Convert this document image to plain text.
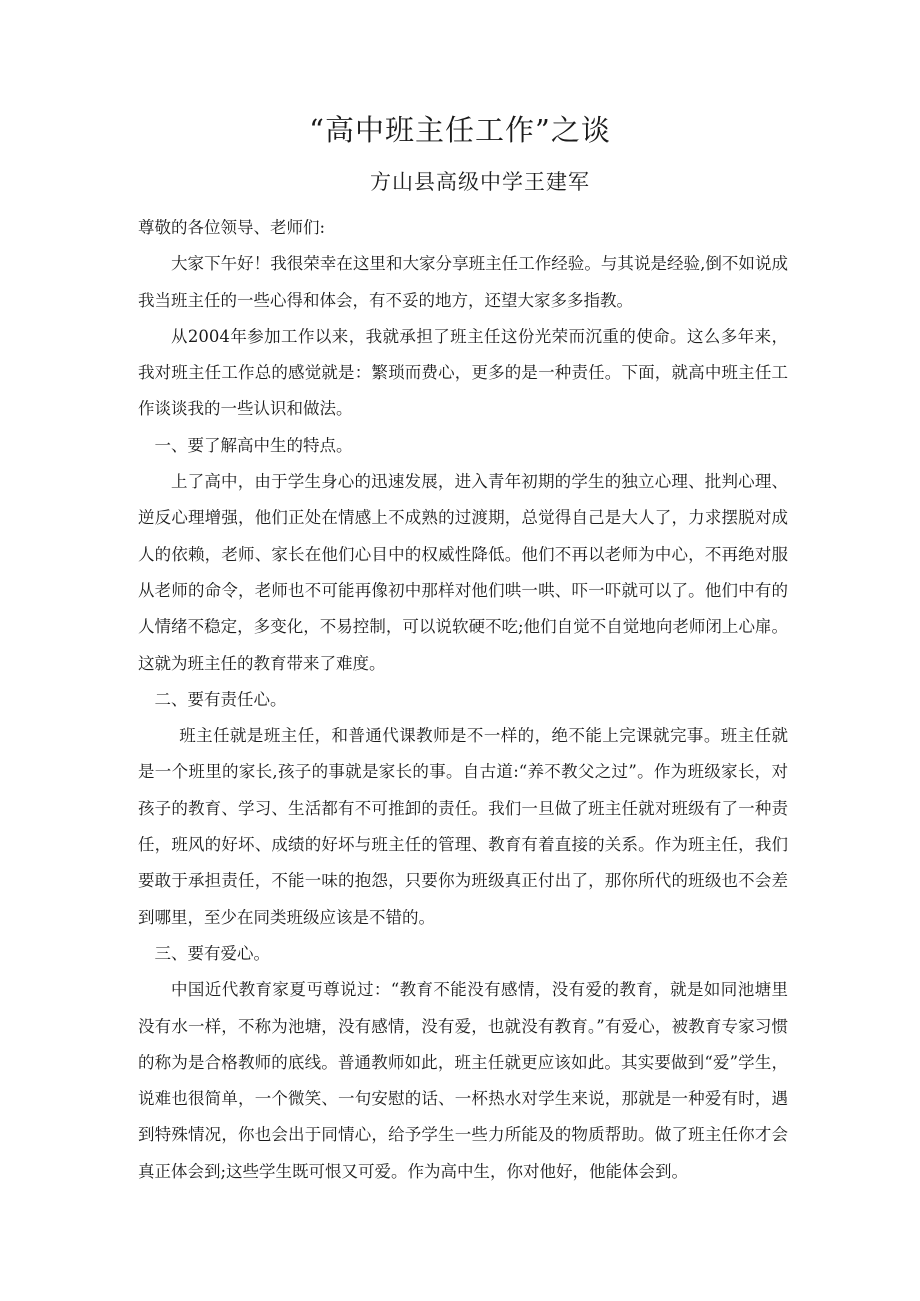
“高中班主任工作”之谈
方山县高级中学王建军

尊敬的各位领导、老师们:

大家下午好！我很荣幸在这里和大家分享班主任工作经验。与其说是经验,倒不如说成我当班主任的一些心得和体会，有不妥的地方，还望大家多多指教。

从2004年参加工作以来，我就承担了班主任这份光荣而沉重的使命。这么多年来，我对班主任工作总的感觉就是：繁琐而费心，更多的是一种责任。下面，就高中班主任工作谈谈我的一些认识和做法。

一、要了解高中生的特点。

上了高中，由于学生身心的迅速发展，进入青年初期的学生的独立心理、批判心理、逆反心理增强，他们正处在情感上不成熟的过渡期，总觉得自己是大人了，力求摆脱对成人的依赖，老师、家长在他们心目中的权威性降低。他们不再以老师为中心，不再绝对服从老师的命令，老师也不可能再像初中那样对他们哄一哄、吓一吓就可以了。他们中有的人情绪不稳定，多变化，不易控制，可以说软硬不吃;他们自觉不自觉地向老师闭上心扉。这就为班主任的教育带来了难度。

二、要有责任心。

班主任就是班主任，和普通代课教师是不一样的，绝不能上完课就完事。班主任就是一个班里的家长,孩子的事就是家长的事。自古道:“养不教父之过”。作为班级家长，对孩子的教育、学习、生活都有不可推卸的责任。我们一旦做了班主任就对班级有了一种责任，班风的好坏、成绩的好坏与班主任的管理、教育有着直接的关系。作为班主任，我们要敢于承担责任，不能一味的抱怨，只要你为班级真正付出了，那你所代的班级也不会差到哪里，至少在同类班级应该是不错的。

三、要有爱心。

中国近代教育家夏丏尊说过：“教育不能没有感情，没有爱的教育，就是如同池塘里没有水一样，不称为池塘，没有感情，没有爱，也就没有教育。”有爱心，被教育专家习惯的称为是合格教师的底线。普通教师如此，班主任就更应该如此。其实要做到“爱”学生，说难也很简单，一个微笑、一句安慰的话、一杯热水对学生来说，那就是一种爱有时，遇到特殊情况，你也会出于同情心，给予学生一些力所能及的物质帮助。做了班主任你才会真正体会到;这些学生既可恨又可爱。作为高中生，你对他好，他能体会到。
